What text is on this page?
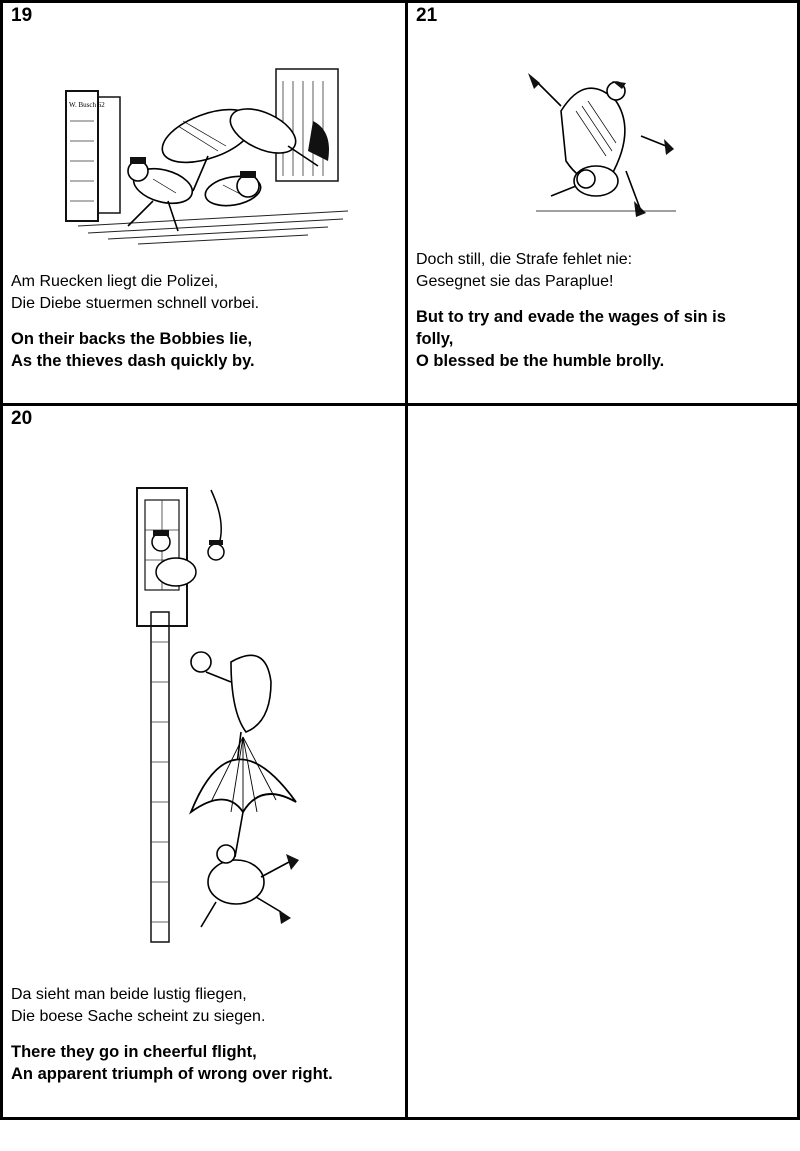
19
W. Busch 62

Am Ruecken liegt die Polizei,
Die Diebe stuermen schnell vorbei.

On their backs the Bobbies lie,
As the thieves dash quickly by.

21

Doch still, die Strafe fehlet nie:
Gesegnet sie das Paraplue!

But to try and evade the wages of sin is
folly,
O blessed be the humble brolly.

20

Da sieht man beide lustig fliegen,
Die boese Sache scheint zu siegen.

There they go in cheerful flight,
An apparent triumph of wrong over right.
